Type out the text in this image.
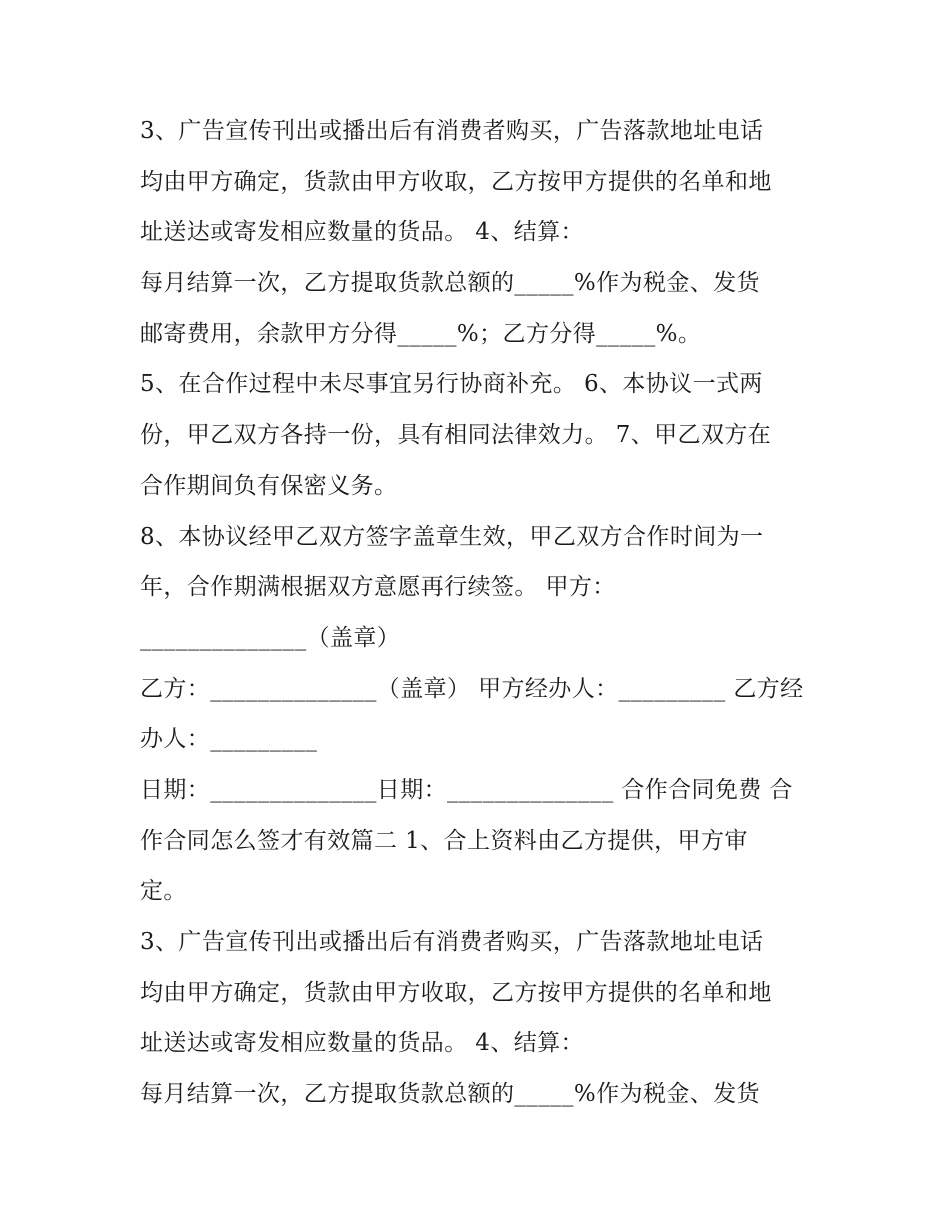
3、广告宣传刊出或播出后有消费者购买，广告落款地址电话
均由甲方确定，货款由甲方收取，乙方按甲方提供的名单和地
址送达或寄发相应数量的货品。 4、结算：
每月结算一次，乙方提取货款总额的_____%作为税金、发货
邮寄费用，余款甲方分得_____%；乙方分得_____%。
5、在合作过程中未尽事宜另行协商补充。 6、本协议一式两
份，甲乙双方各持一份，具有相同法律效力。 7、甲乙双方在
合作期间负有保密义务。
8、本协议经甲乙双方签字盖章生效，甲乙双方合作时间为一
年，合作期满根据双方意愿再行续签。 甲方：
______________（盖章）
乙方：______________（盖章） 甲方经办人：_________ 乙方经
办人：_________
日期：______________日期：______________ 合作合同免费 合
作合同怎么签才有效篇二 1、合上资料由乙方提供，甲方审
定。
3、广告宣传刊出或播出后有消费者购买，广告落款地址电话
均由甲方确定，货款由甲方收取，乙方按甲方提供的名单和地
址送达或寄发相应数量的货品。 4、结算：
每月结算一次，乙方提取货款总额的_____%作为税金、发货
